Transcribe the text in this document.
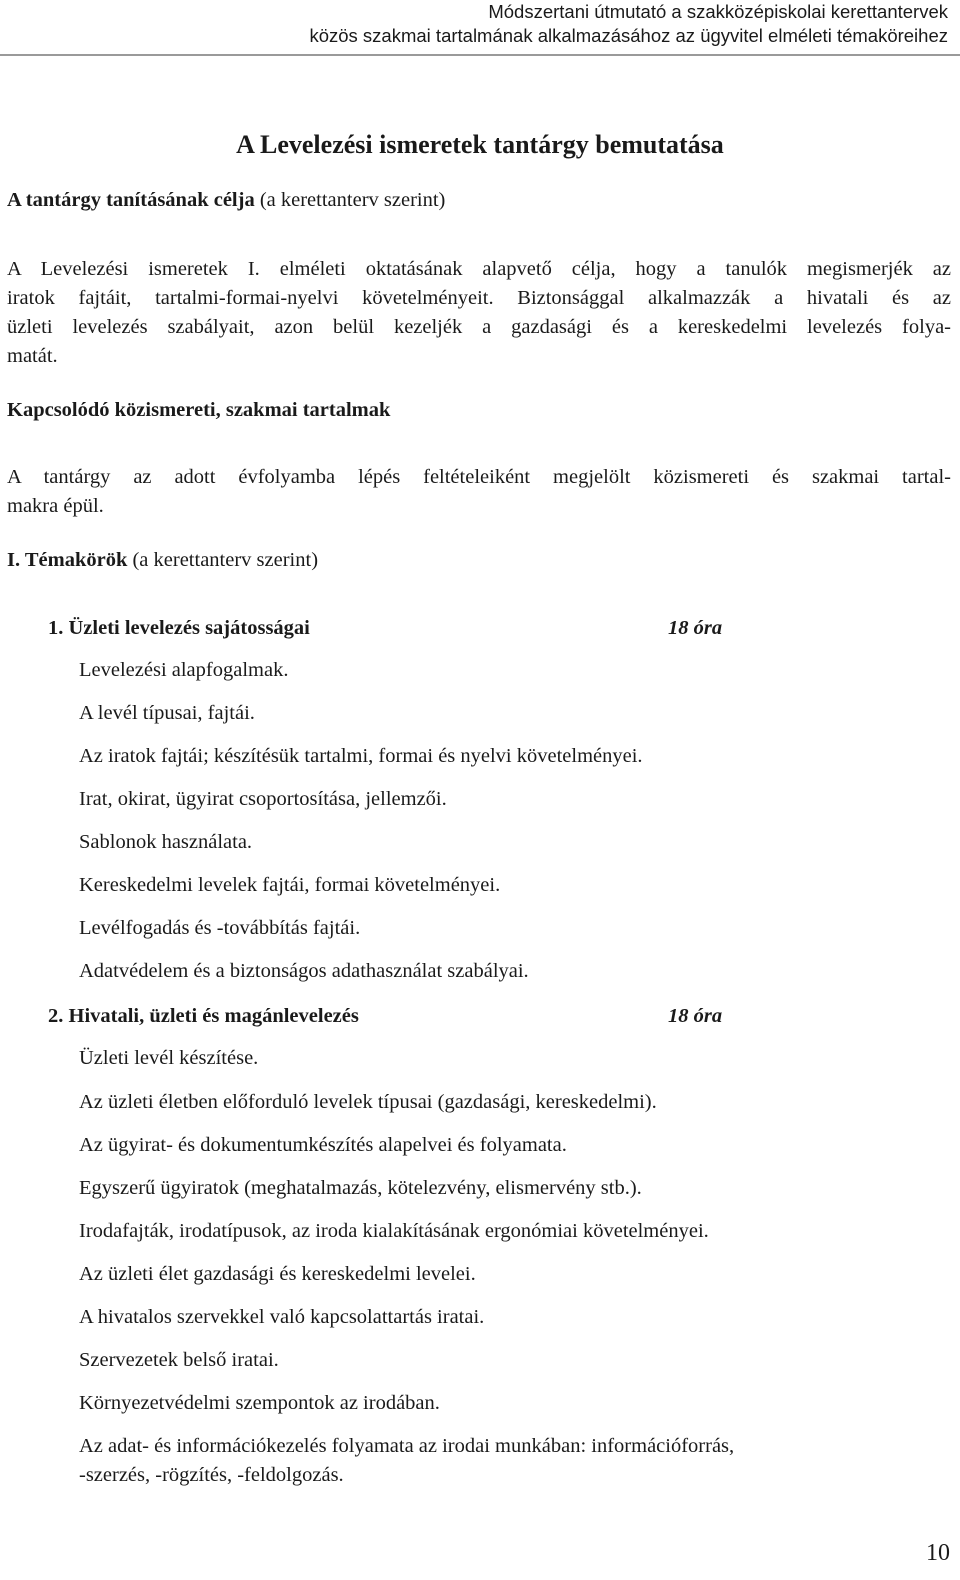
Módszertani útmutató a szakközépiskolai kerettantervek
közös szakmai tartalmának alkalmazásához az ügyvitel elméleti témaköreihez
A Levelezési ismeretek tantárgy bemutatása
A tantárgy tanításának célja (a kerettanterv szerint)
A Levelezési ismeretek I. elméleti oktatásának alapvető célja, hogy a tanulók megismerjék az
iratok fajtáit, tartalmi-formai-nyelvi követelményeit. Biztonsággal alkalmazzák a hivatali és az
üzleti levelezés szabályait, azon belül kezeljék a gazdasági és a kereskedelmi levelezés folya-
matát.
Kapcsolódó közismereti, szakmai tartalmak
A tantárgy az adott évfolyamba lépés feltételeiként megjelölt közismereti és szakmai tartal-
makra épül.
I. Témakörök (a kerettanterv szerint)
1. Üzleti levelezés sajátosságai	18 óra
Levelezési alapfogalmak.
A levél típusai, fajtái.
Az iratok fajtái; készítésük tartalmi, formai és nyelvi követelményei.
Irat, okirat, ügyirat csoportosítása, jellemzői.
Sablonok használata.
Kereskedelmi levelek fajtái, formai követelményei.
Levélfogadás és -továbbítás fajtái.
Adatvédelem és a biztonságos adathasználat szabályai.
2. Hivatali, üzleti és magánlevelezés	18 óra
Üzleti levél készítése.
Az üzleti életben előforduló levelek típusai (gazdasági, kereskedelmi).
Az ügyirat- és dokumentumkészítés alapelvei és folyamata.
Egyszerű ügyiratok (meghatalmazás, kötelezvény, elismervény stb.).
Irodafajták, irodatípusok, az iroda kialakításának ergonómiai követelményei.
Az üzleti élet gazdasági és kereskedelmi levelei.
A hivatalos szervekkel való kapcsolattartás iratai.
Szervezetek belső iratai.
Környezetvédelmi szempontok az irodában.
Az adat- és információkezelés folyamata az irodai munkában: információforrás,
-szerzés, -rögzítés, -feldolgozás.
10
